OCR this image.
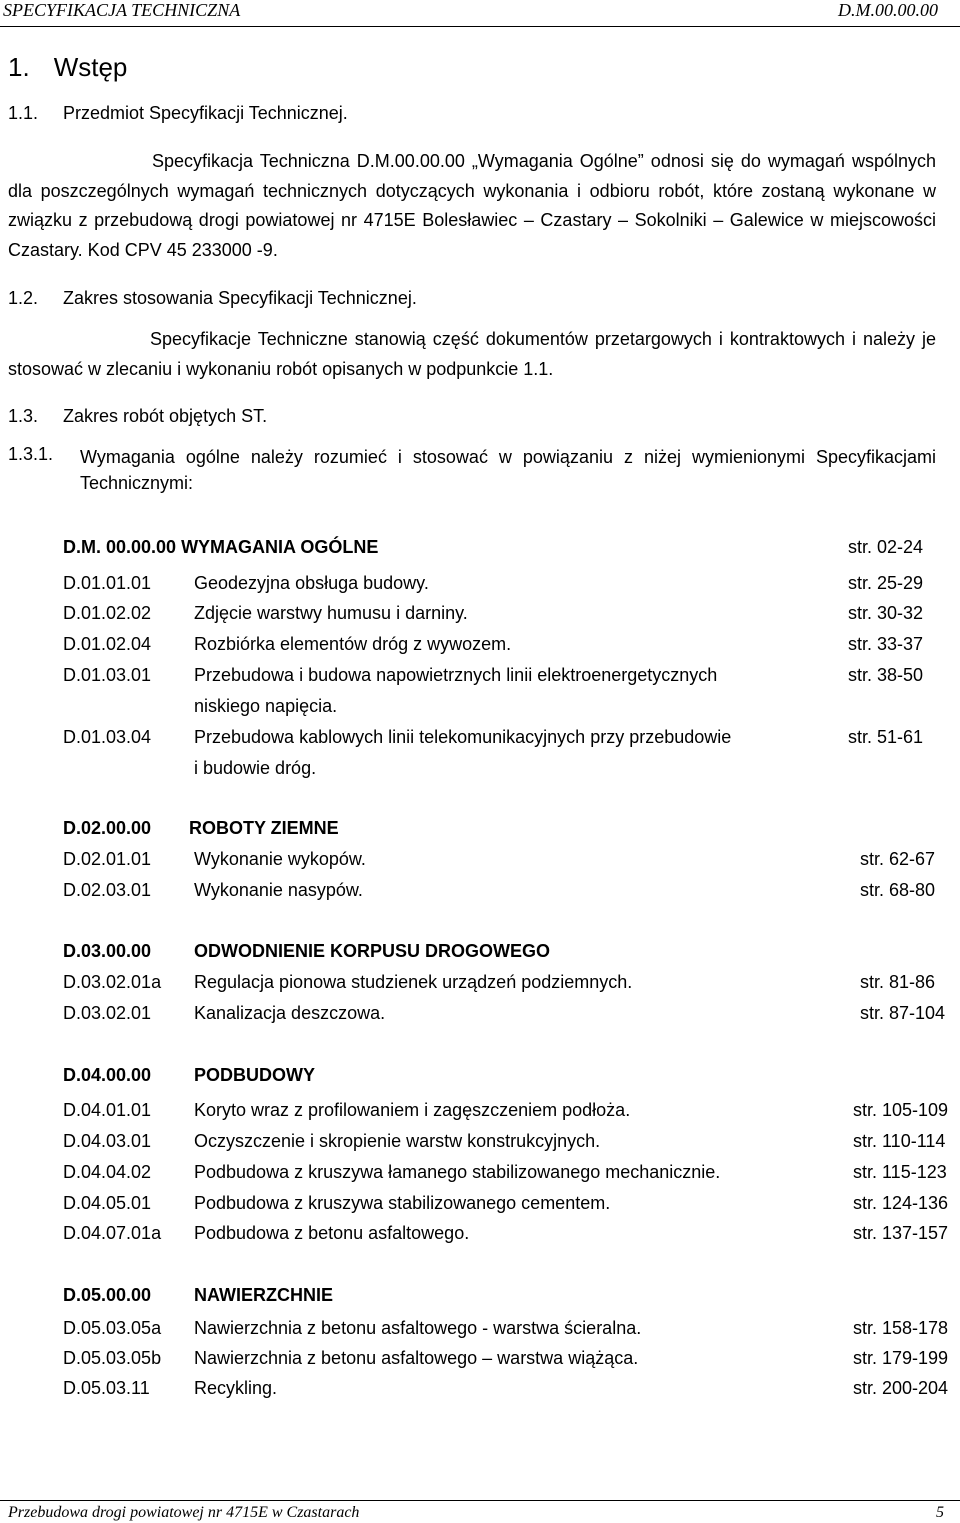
SPECYFIKACJA TECHNICZNA	D.M.00.00.00
1. Wstęp
1.1. Przedmiot Specyfikacji Technicznej.
Specyfikacja Techniczna D.M.00.00.00 „Wymagania Ogólne” odnosi się do wymagań wspólnych dla poszczególnych wymagań technicznych dotyczących wykonania i odbioru robót, które zostaną wykonane w związku z przebudową drogi powiatowej nr 4715E Bolesławiec – Czastary – Sokolniki – Galewice w miejscowości Czastary. Kod CPV 45 233000 -9.
1.2. Zakres stosowania Specyfikacji Technicznej.
Specyfikacje Techniczne stanowią część dokumentów przetargowych i kontraktowych i należy je stosować w zlecaniu i wykonaniu robót opisanych w podpunkcie 1.1.
1.3. Zakres robót objętych ST.
1.3.1. Wymagania ogólne należy rozumieć i stosować w powiązaniu z niżej wymienionymi Specyfikacjami Technicznymi:
D.M. 00.00.00 WYMAGANIA OGÓLNE	str. 02-24
D.01.01.01 Geodezyjna obsługa budowy.	str. 25-29
D.01.02.02 Zdjęcie warstwy humusu i darniny.	str. 30-32
D.01.02.04 Rozbiórka elementów dróg z wywozem.	str. 33-37
D.01.03.01 Przebudowa i budowa napowietrznych linii elektroenergetycznych	str. 38-50
niskiego napięcia.
D.01.03.04 Przebudowa kablowych linii telekomunikacyjnych przy przebudowie	str. 51-61
i budowie dróg.
D.02.00.00 ROBOTY ZIEMNE
D.02.01.01 Wykonanie wykopów.	str. 62-67
D.02.03.01 Wykonanie nasypów.	str. 68-80
D.03.00.00 ODWODNIENIE KORPUSU DROGOWEGO
D.03.02.01a Regulacja pionowa studzienek urządzeń podziemnych.	str. 81-86
D.03.02.01 Kanalizacja deszczowa.	str. 87-104
D.04.00.00 PODBUDOWY
D.04.01.01 Koryto wraz z profilowaniem i zagęszczeniem podłoża.	str. 105-109
D.04.03.01 Oczyszczenie i skropienie warstw konstrukcyjnych.	str. 110-114
D.04.04.02 Podbudowa z kruszywa łamanego stabilizowanego mechanicznie.	str. 115-123
D.04.05.01 Podbudowa z kruszywa stabilizowanego cementem.	str. 124-136
D.04.07.01a Podbudowa z betonu asfaltowego.	str. 137-157
D.05.00.00 NAWIERZCHNIE
D.05.03.05a Nawierzchnia z betonu asfaltowego - warstwa ścieralna.	str. 158-178
D.05.03.05b Nawierzchnia z betonu asfaltowego – warstwa wiążąca.	str. 179-199
D.05.03.11 Recykling.	str. 200-204
Przebudowa drogi powiatowej nr 4715E w Czastarach	5
